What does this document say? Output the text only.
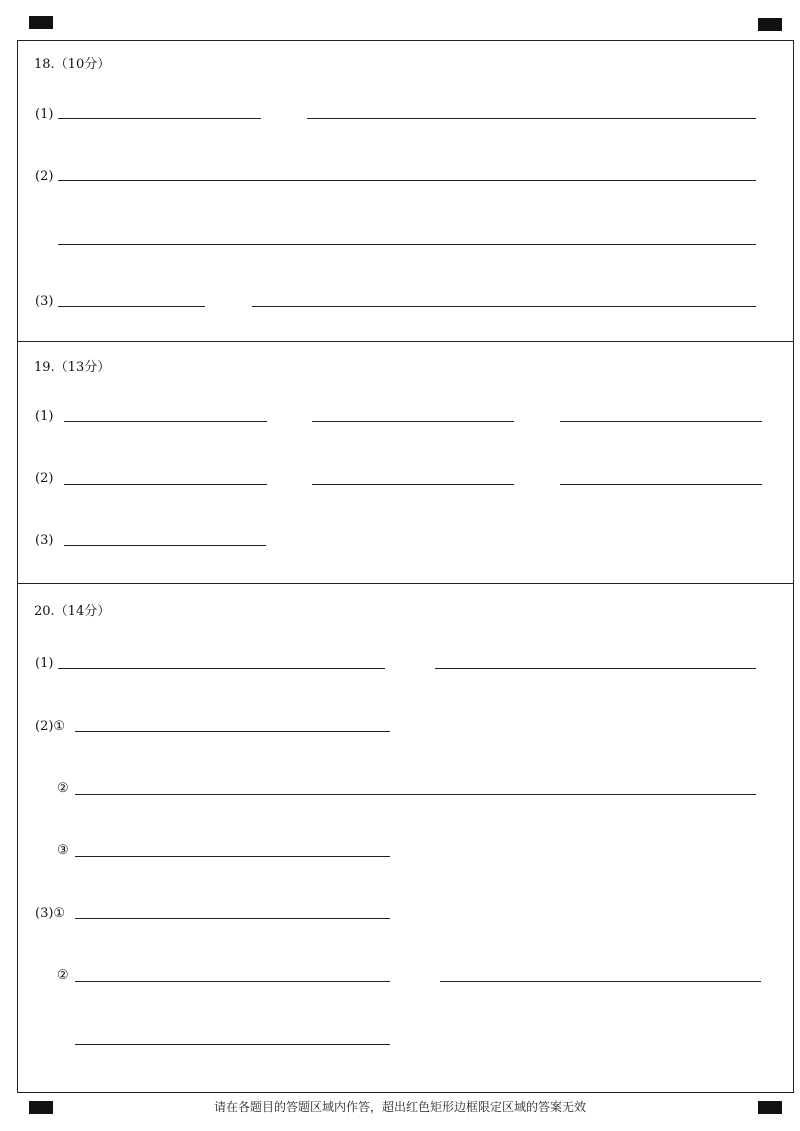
18.（10分）
(1)
(2)
(3)
19.（13分）
(1)
(2)
(3)
20.（14分）
(1)
(2)①
②
③
(3)①
②
请在各题目的答题区域内作答，超出红色矩形边框限定区域的答案无效
